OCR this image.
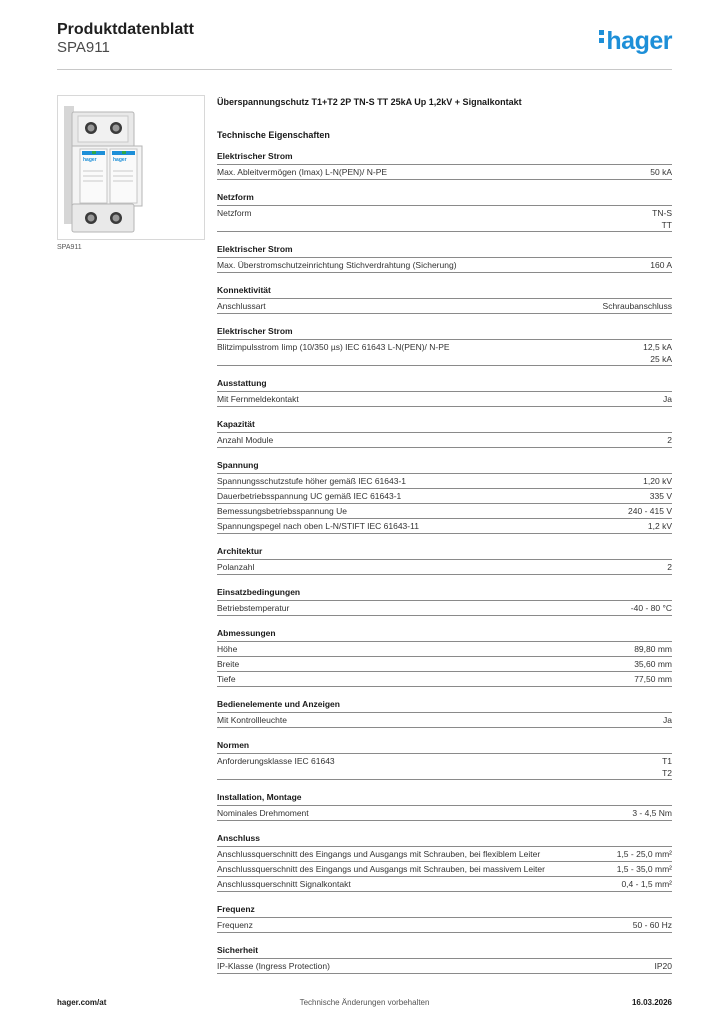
Produktdatenblatt
SPA911	hager
hager	hager
SPA911
Überspannungschutz T1+T2 2P TN-S TT 25kA Up 1,2kV + Signalkontakt
Technische Eigenschaften
Elektrischer Strom
Max. Ableitvermögen (Imax) L-N(PEN)/ N-PE	50 kA
Netzform
Netzform	TN-S
TT
Elektrischer Strom
Max. Überstromschutzeinrichtung Stichverdrahtung (Sicherung)	160 A
Konnektivität
Anschlussart	Schraubanschluss
Elektrischer Strom
Blitzimpulsstrom Iimp (10/350 µs) IEC 61643 L-N(PEN)/ N-PE	12,5 kA
25 kA
Ausstattung
Mit Fernmeldekontakt	Ja
Kapazität
Anzahl Module	2
Spannung
Spannungsschutzstufe höher gemäß IEC 61643-1	1,20 kV
Dauerbetriebsspannung UC gemäß IEC 61643-1	335 V
Bemessungsbetriebsspannung Ue	240 - 415 V
Spannungspegel nach oben L-N/STIFT IEC 61643-11	1,2 kV
Architektur
Polanzahl	2
Einsatzbedingungen
Betriebstemperatur	-40 - 80 °C
Abmessungen
Höhe	89,80 mm
Breite	35,60 mm
Tiefe	77,50 mm
Bedienelemente und Anzeigen
Mit Kontrollleuchte	Ja
Normen
Anforderungsklasse IEC 61643	T1
T2
Installation, Montage
Nominales Drehmoment	3 - 4,5 Nm
Anschluss
Anschlussquerschnitt des Eingangs und Ausgangs mit Schrauben, bei flexiblem Leiter	1,5 - 25,0 mm²
Anschlussquerschnitt des Eingangs und Ausgangs mit Schrauben, bei massivem Leiter	1,5 - 35,0 mm²
Anschlussquerschnitt Signalkontakt	0,4 - 1,5 mm²
Frequenz
Frequenz	50 - 60 Hz
Sicherheit
IP-Klasse (Ingress Protection)	IP20
hager.com/at	Technische Änderungen vorbehalten	16.03.2026
